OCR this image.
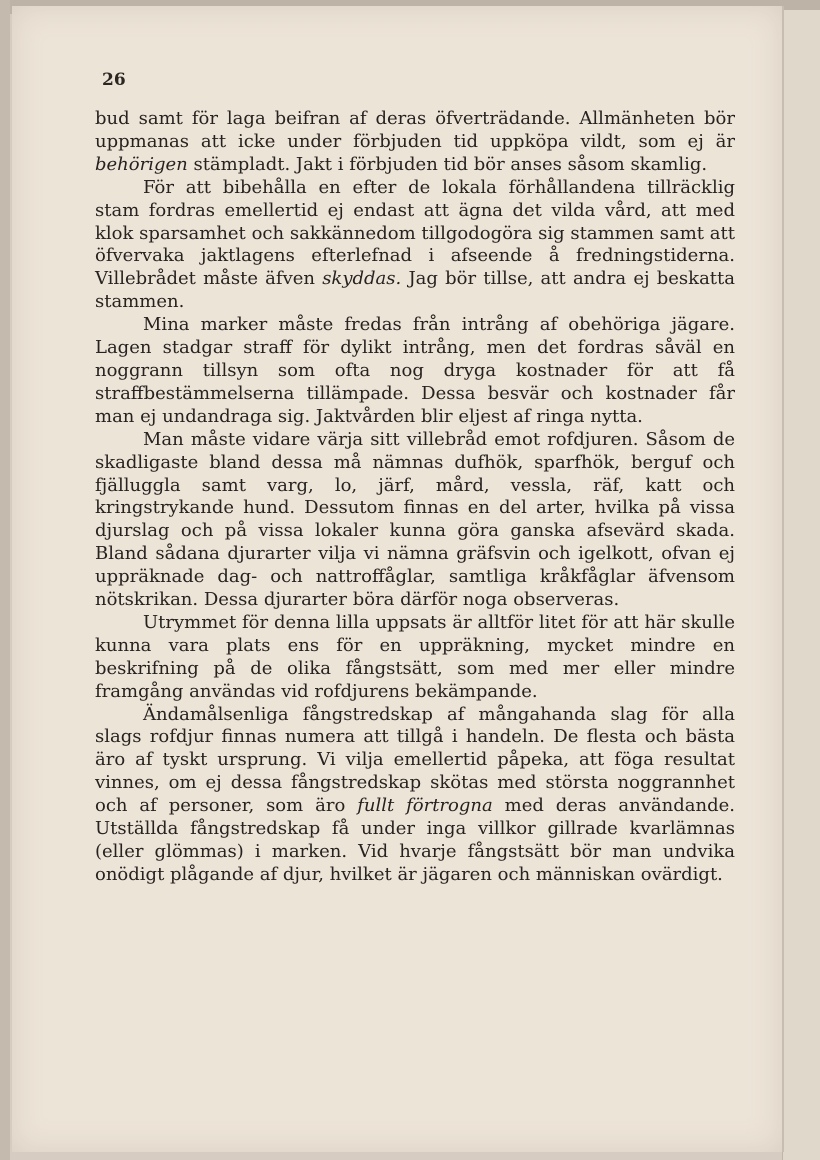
26

bud samt för laga beifran af deras öfverträdande. Allmänheten bör uppmanas att icke under förbjuden tid uppköpa vildt, som ej är behörigen stämpladt. Jakt i förbjuden tid bör anses såsom skamlig.

För att bibehålla en efter de lokala förhållandena tillräcklig stam fordras emellertid ej endast att ägna det vilda vård, att med klok sparsamhet och sakkännedom tillgodogöra sig stammen samt att öfvervaka jaktlagens efterlefnad i afseende å fredningstiderna. Villebrådet måste äfven skyddas. Jag bör tillse, att andra ej beskatta stammen.

Mina marker måste fredas från intrång af obehöriga jägare. Lagen stadgar straff för dylikt intrång, men det fordras såväl en noggrann tillsyn som ofta nog dryga kostnader för att få straffbestämmelserna tillämpade. Dessa besvär och kostnader får man ej undandraga sig. Jaktvården blir eljest af ringa nytta.

Man måste vidare värja sitt villebråd emot rofdjuren. Såsom de skadligaste bland dessa må nämnas dufhök, sparfhök, berguf och fjälluggla samt varg, lo, järf, mård, vessla, räf, katt och kringstrykande hund. Dessutom finnas en del arter, hvilka på vissa djurslag och på vissa lokaler kunna göra ganska afsevärd skada. Bland sådana djurarter vilja vi nämna gräfsvin och igelkott, ofvan ej uppräknade dag- och nattroffåglar, samtliga kråkfåglar äfvensom nötskrikan. Dessa djurarter böra därför noga observeras.

Utrymmet för denna lilla uppsats är alltför litet för att här skulle kunna vara plats ens för en uppräkning, mycket mindre en beskrifning på de olika fångstsätt, som med mer eller mindre framgång användas vid rofdjurens bekämpande.

Ändamålsenliga fångstredskap af mångahanda slag för alla slags rofdjur finnas numera att tillgå i handeln. De flesta och bästa äro af tyskt ursprung. Vi vilja emellertid påpeka, att föga resultat vinnes, om ej dessa fångstredskap skötas med största noggrannhet och af personer, som äro fullt förtrogna med deras användande. Utställda fångstredskap få under inga villkor gillrade kvarlämnas (eller glömmas) i marken. Vid hvarje fångstsätt bör man undvika onödigt plågande af djur, hvilket är jägaren och människan ovärdigt.
